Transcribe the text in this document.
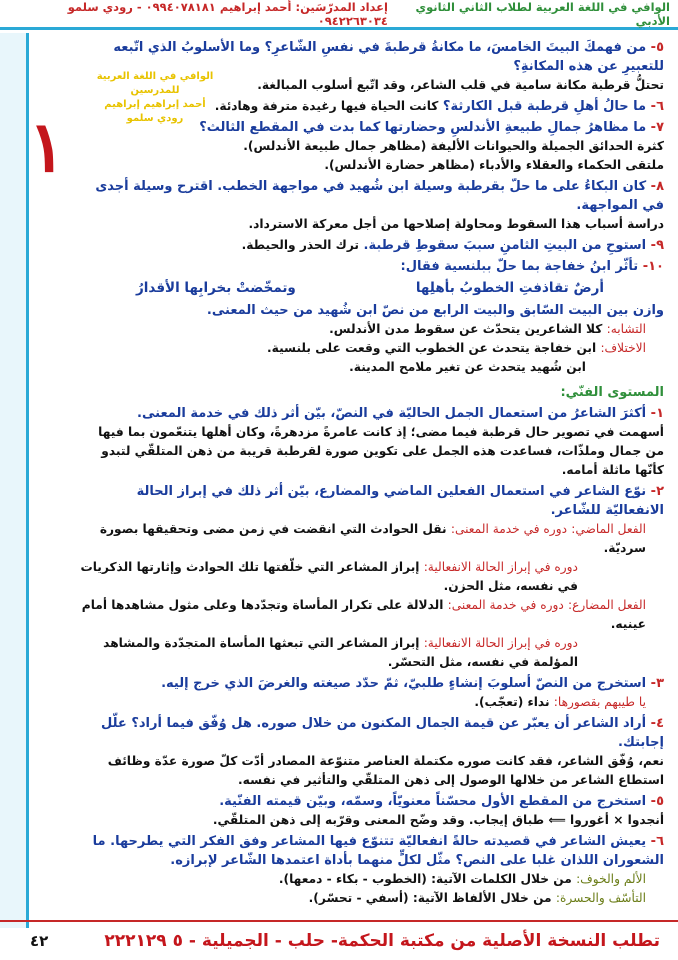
الوافي في اللغة العربية لطلاب الثاني الثانوي الأدبي
إعداد المدرّسَين: أحمد إبراهيم ٠٩٩٤٠٧٨١٨١ - رودي سلمو ٠٩٤٢٢٦٣٠٣٤
١
الوافي في اللغة العربية للمدرسين
أحمد إبراهيم إبراهيم
رودي سلمو
٥- من فهمكَ البيتَ الخامسَ، ما مكانةُ قرطبةَ في نفسِ الشّاعرِ؟ وما الأسلوبُ الذي اتّبعه للتعبيرِ عن هذه المكانةِ؟
تحتلُّ قرطبة مكانة سامية في قلب الشاعر، وقد اتّبع أسلوب المبالغة.
٦- ما حالُ أهلِ قرطبة قبل الكارثة؟ كانت الحياة فيها رغيدة مترفة وهادئة.
٧- ما مظاهرُ جمالِ طبيعةِ الأندلسِ وحضارتها كما بدت في المقطع الثالث؟
كثرة الحدائق الجميلة والحيوانات الأليفة (مظاهر جمال طبيعة الأندلس).
ملتقى الحكماء والعقلاء والأدباء (مظاهر حضارة الأندلس).
٨- كان البكاءُ على ما حلّ بقرطبة وسيلة ابن شُهيد في مواجهة الخطب. اقترح وسيلة أجدى في المواجهة.
دراسة أسباب هذا السقوط ومحاولة إصلاحها من أجل معركة الاسترداد.
٩- استوحِ من البيتِ الثامنِ سببَ سقوطِ قرطبة. ترك الحذر والحيطة.
١٠- تأثّر ابنُ خفاجة بما حلّ ببلنسية فقال:
أرضٌ تقاذفتِ الخطوبُ بأهلِها
وتمخّضتْ بخرابِها الأقدارُ
وازن بين البيت السّابق والبيت الرابع من نصّ ابن شُهيد من حيث المعنى.
التشابه: كلا الشاعرين يتحدّث عن سقوط مدن الأندلس.
الاختلاف: ابن خفاجة يتحدث عن الخطوب التي وقعت على بلنسية.
ابن شُهيد يتحدث عن تغير ملامح المدينة.
المستوى الفنّي:
١- أكثرَ الشاعرُ من استعمال الجمل الحاليّة في النصّ، بيّن أثر ذلك في خدمة المعنى.
أسهمت في تصوير حال قرطبة فيما مضى؛ إذ كانت عامرةً مزدهرةً، وكان أهلها يتنعّمون بما فيها من جمال وملذّات، فساعدت هذه الجمل على تكوين صورة لقرطبة قريبة من ذهن المتلقّي لتبدو كأنّها ماثلة أمامه.
٢- نوّع الشاعر في استعمال الفعلين الماضي والمضارع، بيّن أثر ذلك في إبراز الحالة الانفعاليّة للشّاعر.
الفعل الماضي: دوره في خدمة المعنى: نقل الحوادث التي انقضت في زمن مضى وتحقيقها بصورة سرديّة.
دوره في إبراز الحالة الانفعالية: إبراز المشاعر التي خلّفتها تلك الحوادث وإثارتها الذكريات في نفسه، مثل الحزن.
الفعل المضارع: دوره في خدمة المعنى: الدلالة على تكرار المأساة وتجدّدها وعلى مثول مشاهدها أمام عينيه.
دوره في إبراز الحالة الانفعالية: إبراز المشاعر التي تبعثها المأساة المتجدّدة والمشاهد المؤلمة في نفسه، مثل التحسّر.
٣- استخرج من النصّ أسلوبَ إنشاءٍ طلبيّ، ثمّ حدّد صيغته والغرضَ الذي خرج إليه.
يا طيبهم بقصورها: نداء (تعجّب).
٤- أراد الشاعر أن يعبّر عن قيمة الجمال المكنون من خلال صوره. هل وُفّق فيما أراد؟ علّل إجابتك.
نعم، وُفّق الشاعر، فقد كانت صوره مكتملة العناصر متنوّعة المصادر أدّت كلّ صورة عدّة وظائف استطاع الشاعر من خلالها الوصول إلى ذهن المتلقّي والتأثير في نفسه.
٥- استخرج من المقطع الأول محسّناً معنويّاً، وسمّه، وبيّن قيمته الفنّية.
أنجدوا × أغوروا ⟸ طباق إيجاب. وقد وضّح المعنى وقرّبه إلى ذهن المتلقّي.
٦- يعيش الشاعر في قصيدته حالةً انفعاليّة تتنوّع فيها المشاعر وفق الفكر التي يطرحها. ما الشعوران اللذان غلبا على النص؟ مثّل لكلٍّ منهما بأداة اعتمدها الشّاعر لإبرازه.
الألم والخوف: من خلال الكلمات الآتية: (الخطوب - بكاء - دمعها).
التأسّف والحسرة: من خلال الألفاظ الآتية: (أسفي - تحسّر).
تطلب النسخة الأصلية من مكتبة الحكمة- حلب - الجميلية - ٥ ٢٢٢١٢٩
٤٢
